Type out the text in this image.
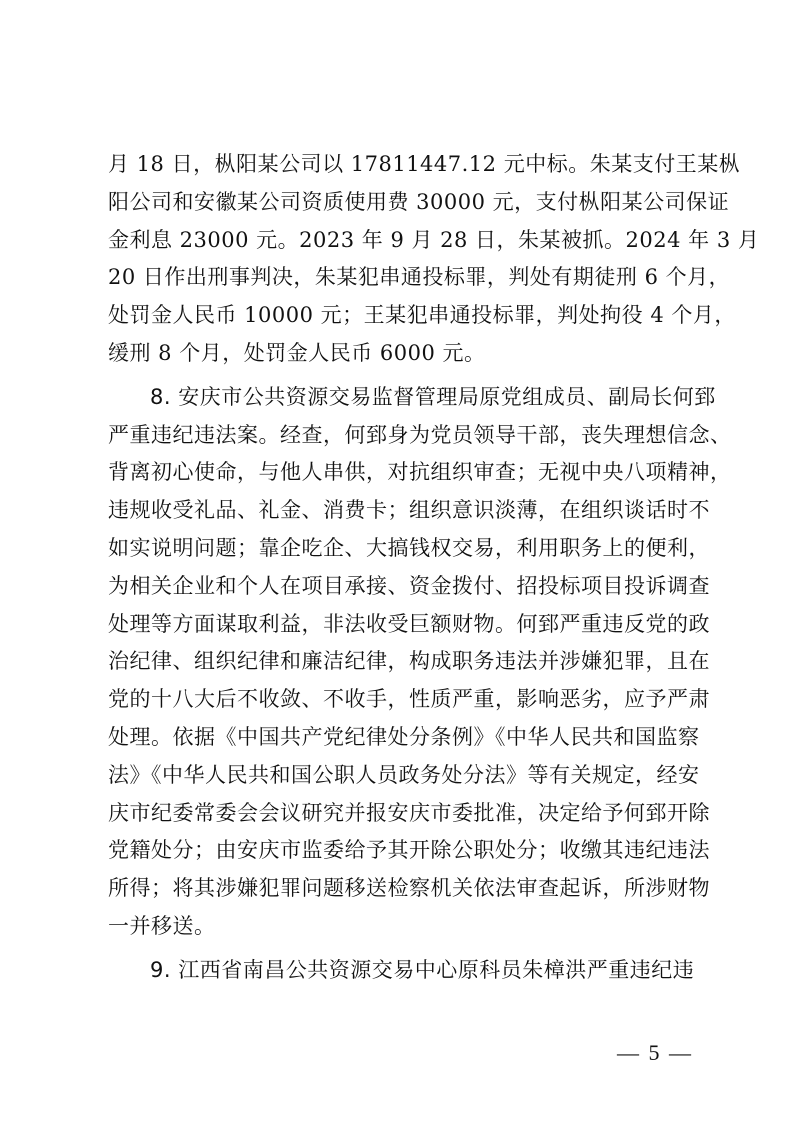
月 18 日，枞阳某公司以 17811447.12 元中标。朱某支付王某枞
阳公司和安徽某公司资质使用费 30000 元，支付枞阳某公司保证
金利息 23000 元。2023 年 9 月 28 日，朱某被抓。2024 年 3 月
20 日作出刑事判决，朱某犯串通投标罪，判处有期徒刑 6 个月，
处罚金人民币 10000 元；王某犯串通投标罪，判处拘役 4 个月，
缓刑 8 个月，处罚金人民币 6000 元。
8. 安庆市公共资源交易监督管理局原党组成员、副局长何郅
严重违纪违法案。经查，何郅身为党员领导干部，丧失理想信念、
背离初心使命，与他人串供，对抗组织审查；无视中央八项精神，
违规收受礼品、礼金、消费卡；组织意识淡薄，在组织谈话时不
如实说明问题；靠企吃企、大搞钱权交易，利用职务上的便利，
为相关企业和个人在项目承接、资金拨付、招投标项目投诉调查
处理等方面谋取利益，非法收受巨额财物。何郅严重违反党的政
治纪律、组织纪律和廉洁纪律，构成职务违法并涉嫌犯罪，且在
党的十八大后不收敛、不收手，性质严重，影响恶劣，应予严肃
处理。依据《中国共产党纪律处分条例》《中华人民共和国监察
法》《中华人民共和国公职人员政务处分法》等有关规定，经安
庆市纪委常委会会议研究并报安庆市委批准，决定给予何郅开除
党籍处分；由安庆市监委给予其开除公职处分；收缴其违纪违法
所得；将其涉嫌犯罪问题移送检察机关依法审查起诉，所涉财物
一并移送。
9. 江西省南昌公共资源交易中心原科员朱樟洪严重违纪违
— 5 —
